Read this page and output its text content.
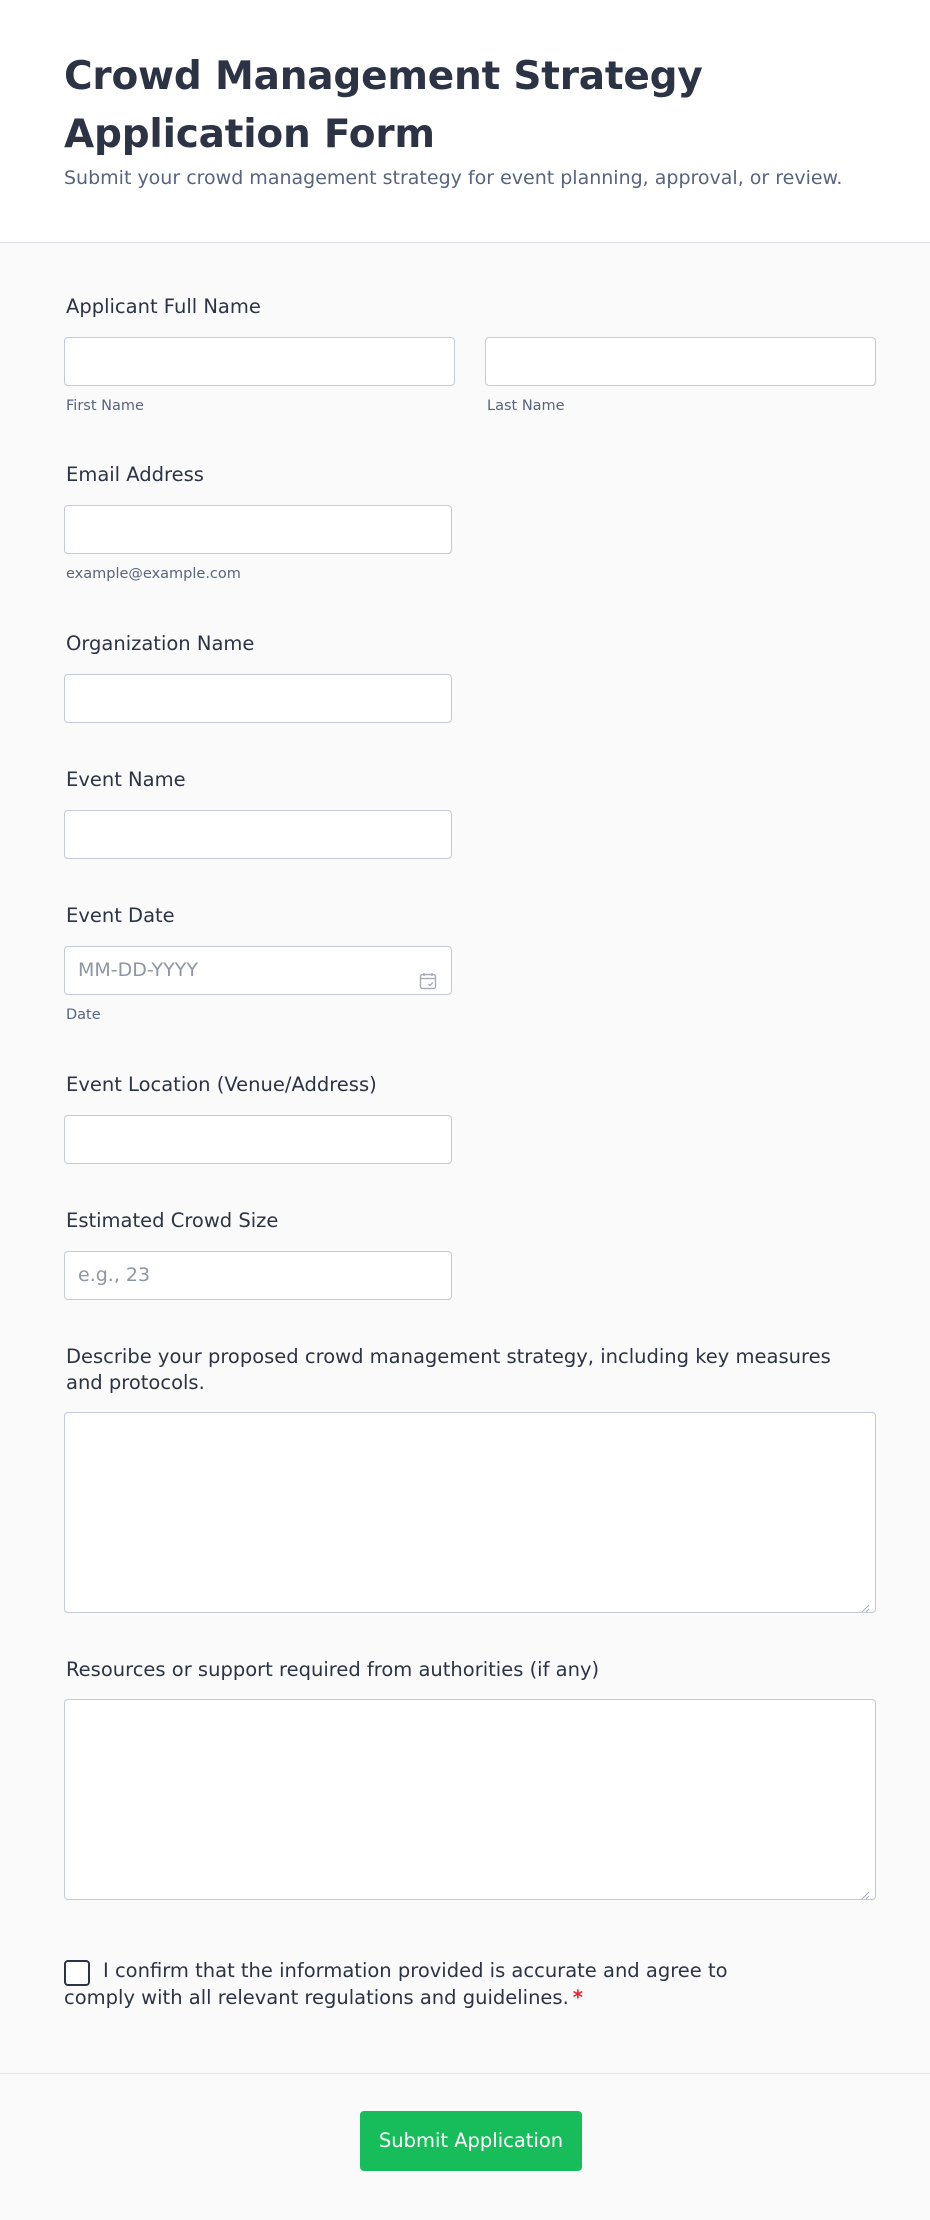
Crowd Management Strategy Application Form

Submit your crowd management strategy for event planning, approval, or review.

Applicant Full Name
First Name	Last Name
Email Address
example@example.com
Organization Name
Event Name
Event Date
MM-DD-YYYY
Date
Event Location (Venue/Address)
Estimated Crowd Size
e.g., 23
Describe your proposed crowd management strategy, including key measures and protocols.
Resources or support required from authorities (if any)
I confirm that the information provided is accurate and agree to comply with all relevant regulations and guidelines. *
Submit Application
